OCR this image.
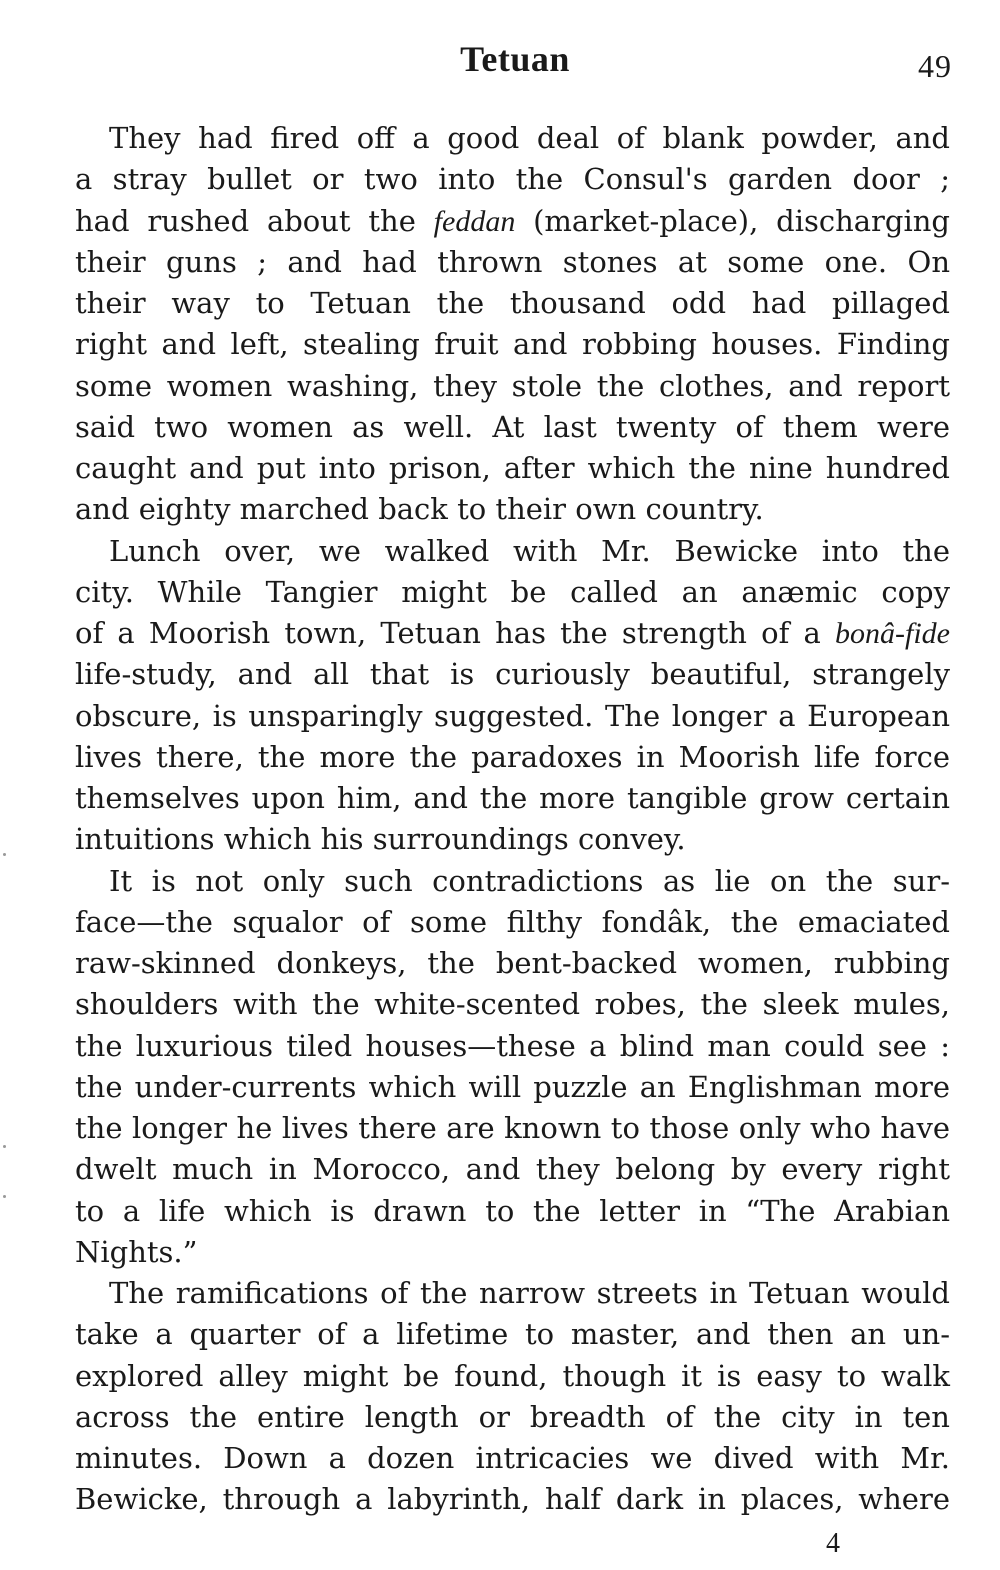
Tetuan	49
They had fired off a good deal of blank powder, and
a stray bullet or two into the Consul's garden door ;
had rushed about the feddan (market-place), discharging
their guns ; and had thrown stones at some one. On
their way to Tetuan the thousand odd had pillaged
right and left, stealing fruit and robbing houses. Finding
some women washing, they stole the clothes, and report
said two women as well. At last twenty of them were
caught and put into prison, after which the nine hundred
and eighty marched back to their own country.
Lunch over, we walked with Mr. Bewicke into the
city. While Tangier might be called an anæmic copy
of a Moorish town, Tetuan has the strength of a bonâ-fide
life-study, and all that is curiously beautiful, strangely
obscure, is unsparingly suggested. The longer a European
lives there, the more the paradoxes in Moorish life force
themselves upon him, and the more tangible grow certain
intuitions which his surroundings convey.
It is not only such contradictions as lie on the sur-
face—the squalor of some filthy fondâk, the emaciated
raw-skinned donkeys, the bent-backed women, rubbing
shoulders with the white-scented robes, the sleek mules,
the luxurious tiled houses—these a blind man could see :
the under-currents which will puzzle an Englishman more
the longer he lives there are known to those only who have
dwelt much in Morocco, and they belong by every right
to a life which is drawn to the letter in “The Arabian
Nights.”
The ramifications of the narrow streets in Tetuan would
take a quarter of a lifetime to master, and then an un-
explored alley might be found, though it is easy to walk
across the entire length or breadth of the city in ten
minutes. Down a dozen intricacies we dived with Mr.
Bewicke, through a labyrinth, half dark in places, where
4
